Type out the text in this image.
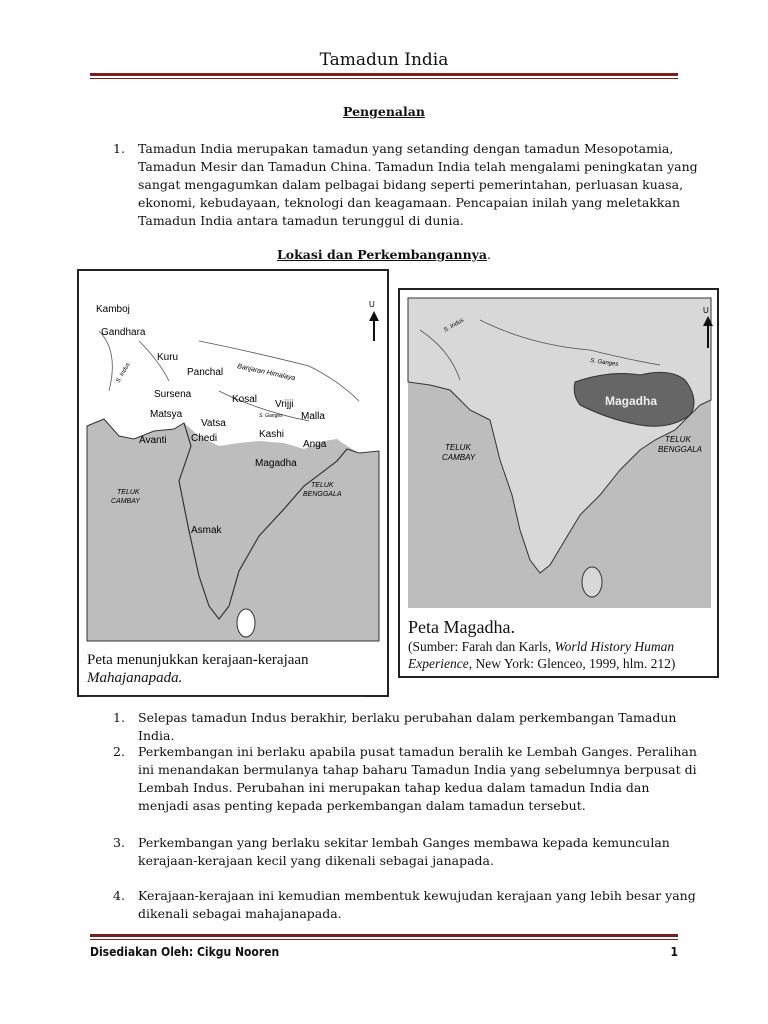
Tamadun India
Pengenalan
1. Tamadun India merupakan tamadun yang setanding dengan tamadun Mesopotamia, Tamadun Mesir dan Tamadun China. Tamadun India telah mengalami peningkatan yang sangat mengagumkan dalam pelbagai bidang seperti pemerintahan, perluasan kuasa, ekonomi, kebudayaan, teknologi dan keagamaan. Pencapaian inilah yang meletakkan Tamadun India antara tamadun terunggul di dunia.
Lokasi dan Perkembangannya.
U
Kamboj
Gandhara
Kuru
Panchal Banjaran Himalaya
S. Indus
Sursena	Kosal Vrijji
Matsya
Vatsa
S. Ganges Malla
Avanti Chedi	Kashi
Anga
Magadha
TELUK
CAMBAY
TELUK
BENGGALA
Asmak
Peta menunjukkan kerajaan-kerajaan
Mahajanapada.
U
S. Indus
S. Ganges
Magadha
TELUK
CAMBAY
TELUK
BENGGALA
Peta Magadha.
(Sumber: Farah dan Karls, World History Human
Experience, New York: Glenceo, 1999, hlm. 212)
1. Selepas tamadun Indus berakhir, berlaku perubahan dalam perkembangan Tamadun India.
2. Perkembangan ini berlaku apabila pusat tamadun beralih ke Lembah Ganges. Peralihan ini menandakan bermulanya tahap baharu Tamadun India yang sebelumnya berpusat di Lembah Indus. Perubahan ini merupakan tahap kedua dalam tamadun India dan menjadi asas penting kepada perkembangan dalam tamadun tersebut.
3. Perkembangan yang berlaku sekitar lembah Ganges membawa kepada kemunculan kerajaan-kerajaan kecil yang dikenali sebagai janapada.
4. Kerajaan-kerajaan ini kemudian membentuk kewujudan kerajaan yang lebih besar yang dikenali sebagai mahajanapada.
Disediakan Oleh: Cikgu Nooren	1
